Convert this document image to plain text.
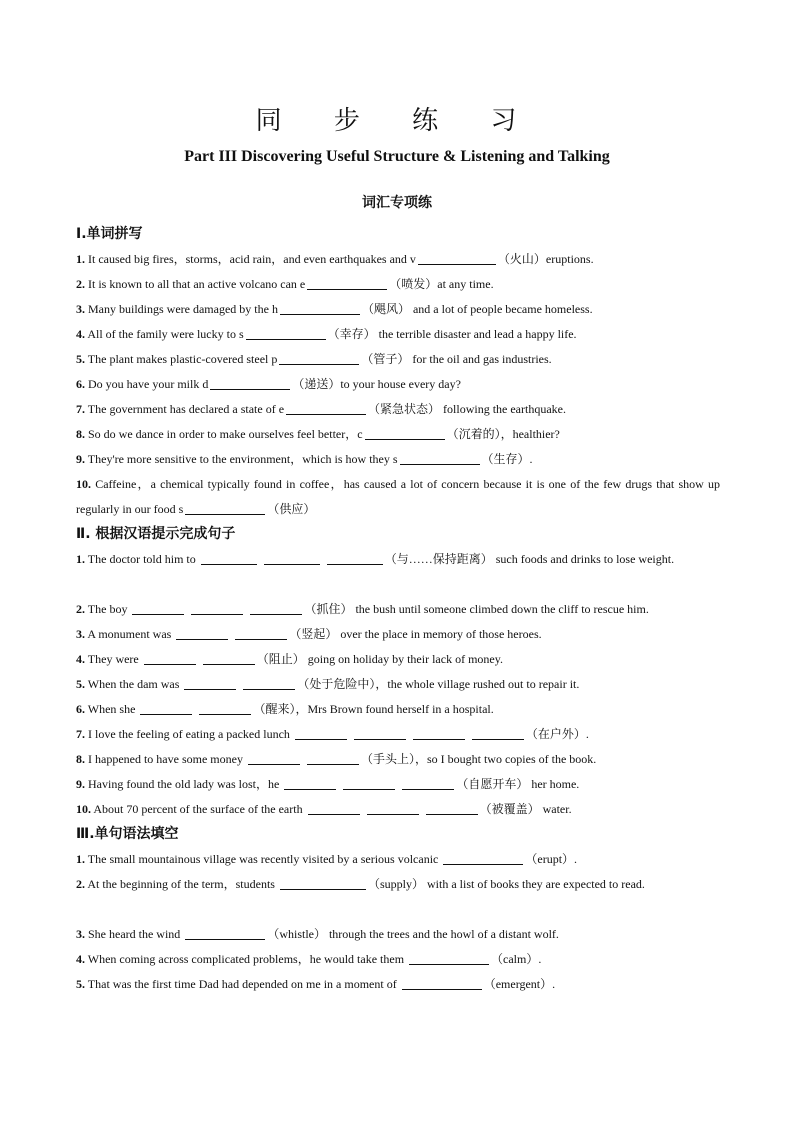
同 步 练 习
Part III Discovering Useful Structure & Listening and Talking
词汇专项练
Ⅰ.单词拼写
1. It caused big fires，storms，acid rain，and even earthquakes and v	（火山）eruptions.
2. It is known to all that an active volcano can e	（喷发）at any time.
3. Many buildings were damaged by the h	（飓风） and a lot of people became homeless.
4. All of the family were lucky to s	（幸存） the terrible disaster and lead a happy life.
5. The plant makes plastic-covered steel p	（管子） for the oil and gas industries.
6. Do you have your milk d	（递送）to your house every day?
7. The government has declared a state of e	（紧急状态） following the earthquake.
8. So do we dance in order to make ourselves feel better，c	（沉着的），healthier?
9. They're more sensitive to the environment，which is how they s	（生存）.
10. Caffeine，a chemical typically found in coffee，has caused a lot of concern because it is one of the few drugs that show up regularly in our food s	（供应）
Ⅱ. 根据汉语提示完成句子
1. The doctor told him to	（与……保持距离） such foods and drinks to lose weight.
2. The boy	（抓住） the bush until someone climbed down the cliff to rescue him.
3. A monument was	（竖起） over the place in memory of those heroes.
4. They were	（阻止） going on holiday by their lack of money.
5. When the dam was	（处于危险中），the whole village rushed out to repair it.
6. When she	（醒来），Mrs Brown found herself in a hospital.
7. I love the feeling of eating a packed lunch	（在户外）.
8. I happened to have some money	（手头上），so I bought two copies of the book.
9. Having found the old lady was lost，he	（自愿开车） her home.
10. About 70 percent of the surface of the earth	（被覆盖） water.
Ⅲ.单句语法填空
1. The small mountainous village was recently visited by a serious volcanic	（erupt）.
2. At the beginning of the term，students	（supply） with a list of books they are expected to read.
3. She heard the wind	（whistle） through the trees and the howl of a distant wolf.
4. When coming across complicated problems，he would take them	（calm）.
5. That was the first time Dad had depended on me in a moment of	（emergent）.
